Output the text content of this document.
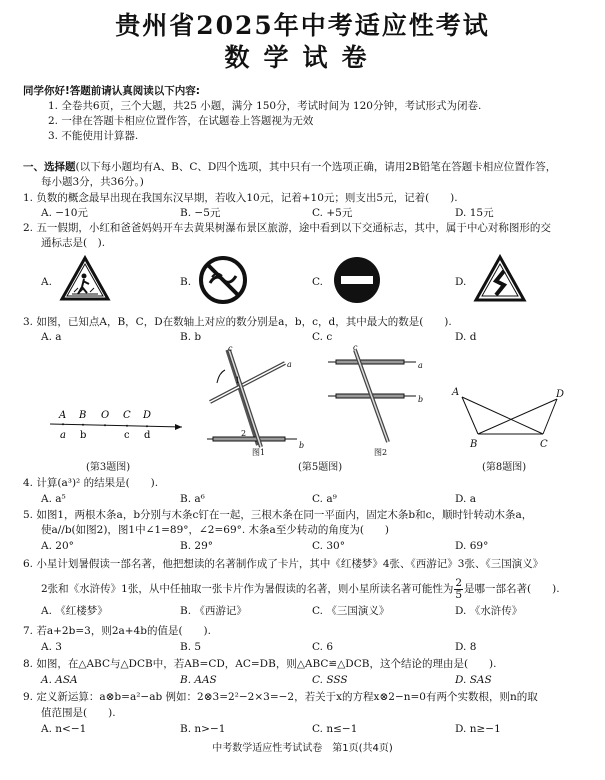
贵州省2025年中考适应性考试
数学试卷
同学你好!答题前请认真阅读以下内容:
1. 全卷共6页，三个大题，共25 小题，满分 150分，考试时间为 120分钟，考试形式为闭卷.
2. 一律在答题卡相应位置作答，在试题卷上答题视为无效
3. 不能使用计算器.
一、选择题(以下每小题均有A、B、C、D四个选项，其中只有一个选项正确，请用2B铅笔在答题卡相应位置作答，
每小题3分，共36分。)
1. 负数的概念最早出现在我国东汉早期，若收入10元，记着+10元；则支出5元，记着(　　).
A. −10元	B. −5元	C. +5元	D. 15元
2. 五一假期，小红和爸爸妈妈开车去黄果树瀑布景区旅游，途中看到以下交通标志，其中，属于中心对称图形的交
通标志是(　).
A.	B.	C.	D.
3. 如图，已知点A，B，C，D在数轴上对应的数分别是a，b，c，d，其中最大的数是(　　).
A. a	B. b	C. c	D. d
A B O C D
a b	c d
(第3题图)
a
b
c
1
2
图1
a
b
c
图2
(第5题图)
A	D
B	C
(第8题图)
4. 计算(a³)² 的结果是(　　).
A. a⁵	B. a⁶	C. a⁹	D. a
5. 如图1，两根木条a，b分别与木条c钉在一起，三根木条在同一平面内，固定木条b和c，顺时针转动木条a，
使a//b(如图2)，图1中∠1=89°，∠2=69°. 木条a至少转动的角度为(　　)
A. 20°	B. 29°	C. 30°	D. 69°
6. 小星计划暑假读一部名著，他把想读的名著制作成了卡片，其中《红楼梦》4张、《西游记》3张、《三国演义》
2张和《水浒传》1张，从中任抽取一张卡片作为暑假读的名著，则小星所读名著可能性为 $\frac{2}{5}$ 是哪一部名著(　　).
A. 《红楼梦》	B. 《西游记》	C. 《三国演义》	D. 《水浒传》
7. 若a+2b=3，则2a+4b的值是(　　).
A. 3	B. 5	C. 6	D. 8
8. 如图，在△ABC与△DCB中，若AB=CD，AC=DB，则△ABC≌△DCB，这个结论的理由是(　　).
A. ASA	B. AAS	C. SSS	D. SAS
9. 定义新运算：a⊗b=a²−ab 例如：2⊗3=2²−2×3=−2，若关于x的方程x⊗2−n=0有两个实数根，则n的取
值范围是(　　).
A. n<−1	B. n>−1	C. n≤−1	D. n≥−1
中考数学适应性考试试卷　第1页(共4页)
